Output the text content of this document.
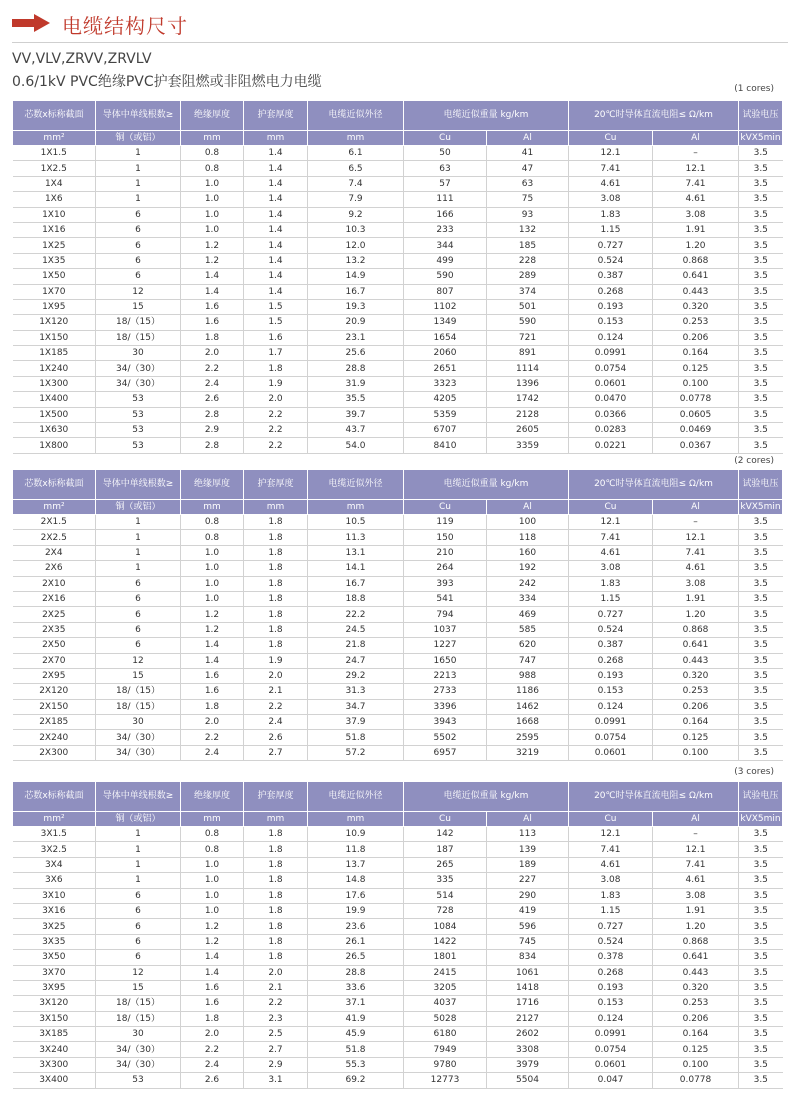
电缆结构尺寸
VV,VLV,ZRVV,ZRVLV
0.6/1kV PVC绝缘PVC护套阻燃或非阻燃电力电缆	(1 cores)
(2 cores)
(3 cores)
芯数x标称截面	导体中单线根数≥	绝缘厚度	护套厚度	电缆近似外径	电缆近似重量 kg/km		20℃时导体直流电阻≤ Ω/km		试验电压
mm²	铜（或铝）	mm	mm	mm	Cu	Al	Cu	Al	kVX5min
1X1.5	1	0.8	1.4	6.1	50	41	12.1	–	3.5
1X2.5	1	0.8	1.4	6.5	63	47	7.41	12.1	3.5
1X4	1	1.0	1.4	7.4	57	63	4.61	7.41	3.5
1X6	1	1.0	1.4	7.9	111	75	3.08	4.61	3.5
1X10	6	1.0	1.4	9.2	166	93	1.83	3.08	3.5
1X16	6	1.0	1.4	10.3	233	132	1.15	1.91	3.5
1X25	6	1.2	1.4	12.0	344	185	0.727	1.20	3.5
1X35	6	1.2	1.4	13.2	499	228	0.524	0.868	3.5
1X50	6	1.4	1.4	14.9	590	289	0.387	0.641	3.5
1X70	12	1.4	1.4	16.7	807	374	0.268	0.443	3.5
1X95	15	1.6	1.5	19.3	1102	501	0.193	0.320	3.5
1X120	18/（15）	1.6	1.5	20.9	1349	590	0.153	0.253	3.5
1X150	18/（15）	1.8	1.6	23.1	1654	721	0.124	0.206	3.5
1X185	30	2.0	1.7	25.6	2060	891	0.0991	0.164	3.5
1X240	34/（30）	2.2	1.8	28.8	2651	1114	0.0754	0.125	3.5
1X300	34/（30）	2.4	1.9	31.9	3323	1396	0.0601	0.100	3.5
1X400	53	2.6	2.0	35.5	4205	1742	0.0470	0.0778	3.5
1X500	53	2.8	2.2	39.7	5359	2128	0.0366	0.0605	3.5
1X630	53	2.9	2.2	43.7	6707	2605	0.0283	0.0469	3.5
1X800	53	2.8	2.2	54.0	8410	3359	0.0221	0.0367	3.5
芯数x标称截面	导体中单线根数≥	绝缘厚度	护套厚度	电缆近似外径	电缆近似重量 kg/km		20℃时导体直流电阻≤ Ω/km		试验电压
mm²	铜（或铝）	mm	mm	mm	Cu	Al	Cu	Al	kVX5min
2X1.5	1	0.8	1.8	10.5	119	100	12.1	–	3.5
2X2.5	1	0.8	1.8	11.3	150	118	7.41	12.1	3.5
2X4	1	1.0	1.8	13.1	210	160	4.61	7.41	3.5
2X6	1	1.0	1.8	14.1	264	192	3.08	4.61	3.5
2X10	6	1.0	1.8	16.7	393	242	1.83	3.08	3.5
2X16	6	1.0	1.8	18.8	541	334	1.15	1.91	3.5
2X25	6	1.2	1.8	22.2	794	469	0.727	1.20	3.5
2X35	6	1.2	1.8	24.5	1037	585	0.524	0.868	3.5
2X50	6	1.4	1.8	21.8	1227	620	0.387	0.641	3.5
2X70	12	1.4	1.9	24.7	1650	747	0.268	0.443	3.5
2X95	15	1.6	2.0	29.2	2213	988	0.193	0.320	3.5
2X120	18/（15）	1.6	2.1	31.3	2733	1186	0.153	0.253	3.5
2X150	18/（15）	1.8	2.2	34.7	3396	1462	0.124	0.206	3.5
2X185	30	2.0	2.4	37.9	3943	1668	0.0991	0.164	3.5
2X240	34/（30）	2.2	2.6	51.8	5502	2595	0.0754	0.125	3.5
2X300	34/（30）	2.4	2.7	57.2	6957	3219	0.0601	0.100	3.5
芯数x标称截面	导体中单线根数≥	绝缘厚度	护套厚度	电缆近似外径	电缆近似重量 kg/km		20℃时导体直流电阻≤ Ω/km		试验电压
mm²	铜（或铝）	mm	mm	mm	Cu	Al	Cu	Al	kVX5min
3X1.5	1	0.8	1.8	10.9	142	113	12.1	–	3.5
3X2.5	1	0.8	1.8	11.8	187	139	7.41	12.1	3.5
3X4	1	1.0	1.8	13.7	265	189	4.61	7.41	3.5
3X6	1	1.0	1.8	14.8	335	227	3.08	4.61	3.5
3X10	6	1.0	1.8	17.6	514	290	1.83	3.08	3.5
3X16	6	1.0	1.8	19.9	728	419	1.15	1.91	3.5
3X25	6	1.2	1.8	23.6	1084	596	0.727	1.20	3.5
3X35	6	1.2	1.8	26.1	1422	745	0.524	0.868	3.5
3X50	6	1.4	1.8	26.5	1801	834	0.378	0.641	3.5
3X70	12	1.4	2.0	28.8	2415	1061	0.268	0.443	3.5
3X95	15	1.6	2.1	33.6	3205	1418	0.193	0.320	3.5
3X120	18/（15）	1.6	2.2	37.1	4037	1716	0.153	0.253	3.5
3X150	18/（15）	1.8	2.3	41.9	5028	2127	0.124	0.206	3.5
3X185	30	2.0	2.5	45.9	6180	2602	0.0991	0.164	3.5
3X240	34/（30）	2.2	2.7	51.8	7949	3308	0.0754	0.125	3.5
3X300	34/（30）	2.4	2.9	55.3	9780	3979	0.0601	0.100	3.5
3X400	53	2.6	3.1	69.2	12773	5504	0.047	0.0778	3.5
